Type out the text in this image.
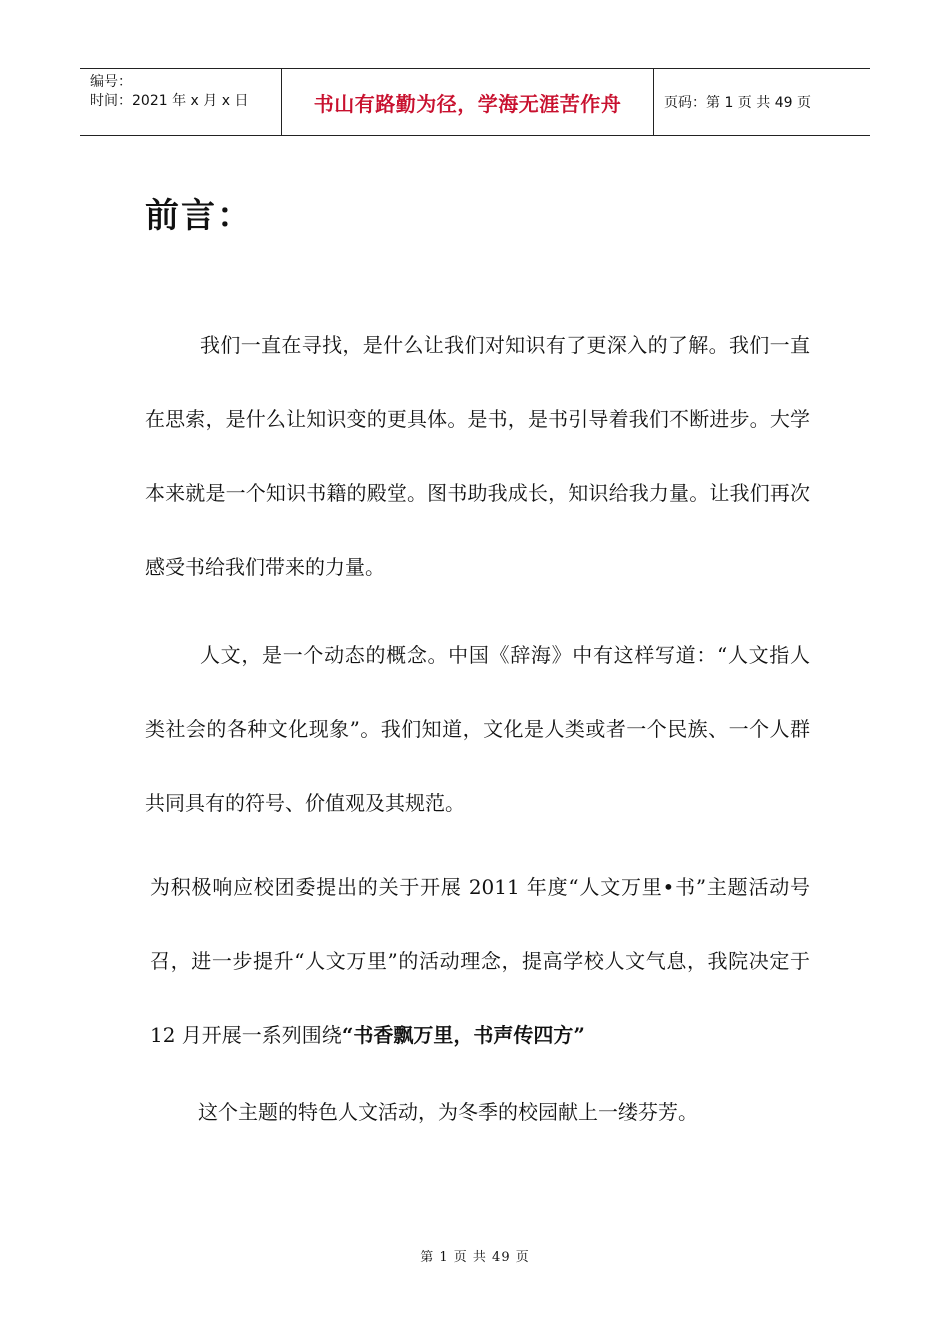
编号：
时间：2021 年 x 月 x 日	书山有路勤为径，学海无涯苦作舟	页码：第 1 页 共 49 页
前言：
我们一直在寻找，是什么让我们对知识有了更深入的了解。我们一直在思索，是什么让知识变的更具体。是书，是书引导着我们不断进步。大学本来就是一个知识书籍的殿堂。图书助我成长，知识给我力量。让我们再次感受书给我们带来的力量。
人文，是一个动态的概念。中国《辞海》中有这样写道：“人文指人类社会的各种文化现象”。我们知道，文化是人类或者一个民族、一个人群共同具有的符号、价值观及其规范。
为积极响应校团委提出的关于开展 2011 年度“人文万里•书”主题活动号召，进一步提升“人文万里”的活动理念，提高学校人文气息，我院决定于 12 月开展一系列围绕“书香飘万里，书声传四方”
这个主题的特色人文活动，为冬季的校园献上一缕芬芳。
第 1 页 共 49 页
